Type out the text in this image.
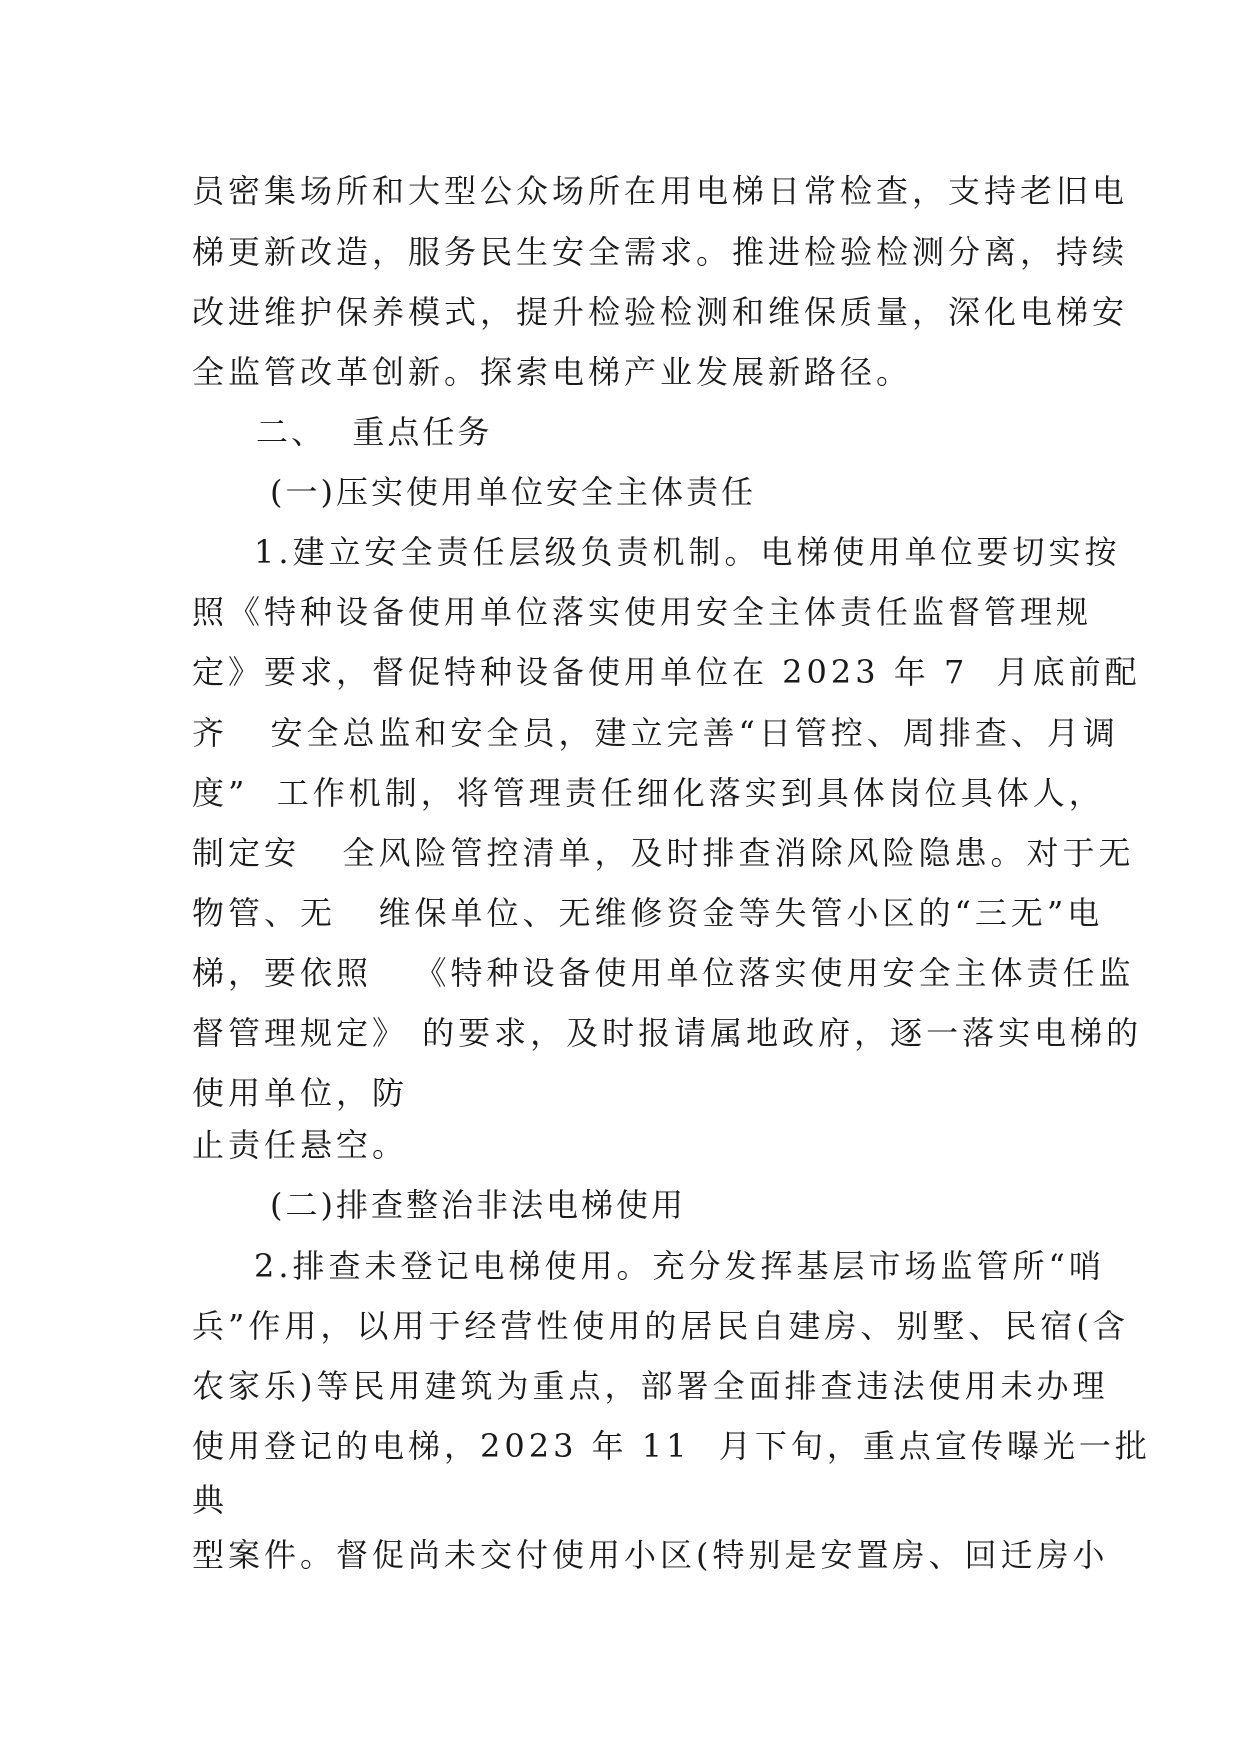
员密集场所和大型公众场所在用电梯日常检查，支持老旧电
梯更新改造，服务民生安全需求。推进检验检测分离，持续
改进维护保养模式，提升检验检测和维保质量，深化电梯安
全监管改革创新。探索电梯产业发展新路径。
二、  重点任务
(一)压实使用单位安全主体责任
1.建立安全责任层级负责机制。电梯使用单位要切实按
照《特种设备使用单位落实使用安全主体责任监督管理规
定》要求，督促特种设备使用单位在 2023 年 7  月底前配
齐   安全总监和安全员，建立完善“日管控、周排查、月调
度”  工作机制，将管理责任细化落实到具体岗位具体人，
制定安   全风险管控清单，及时排查消除风险隐患。对于无
物管、无   维保单位、无维修资金等失管小区的“三无”电
梯，要依照   《特种设备使用单位落实使用安全主体责任监
督管理规定》 的要求，及时报请属地政府，逐一落实电梯的
使用单位，防
止责任悬空。
(二)排查整治非法电梯使用
2.排查未登记电梯使用。充分发挥基层市场监管所“哨
兵”作用，以用于经营性使用的居民自建房、别墅、民宿(含
农家乐)等民用建筑为重点，部署全面排查违法使用未办理
使用登记的电梯，2023 年 11  月下旬，重点宣传曝光一批
典
型案件。督促尚未交付使用小区(特别是安置房、回迁房小
